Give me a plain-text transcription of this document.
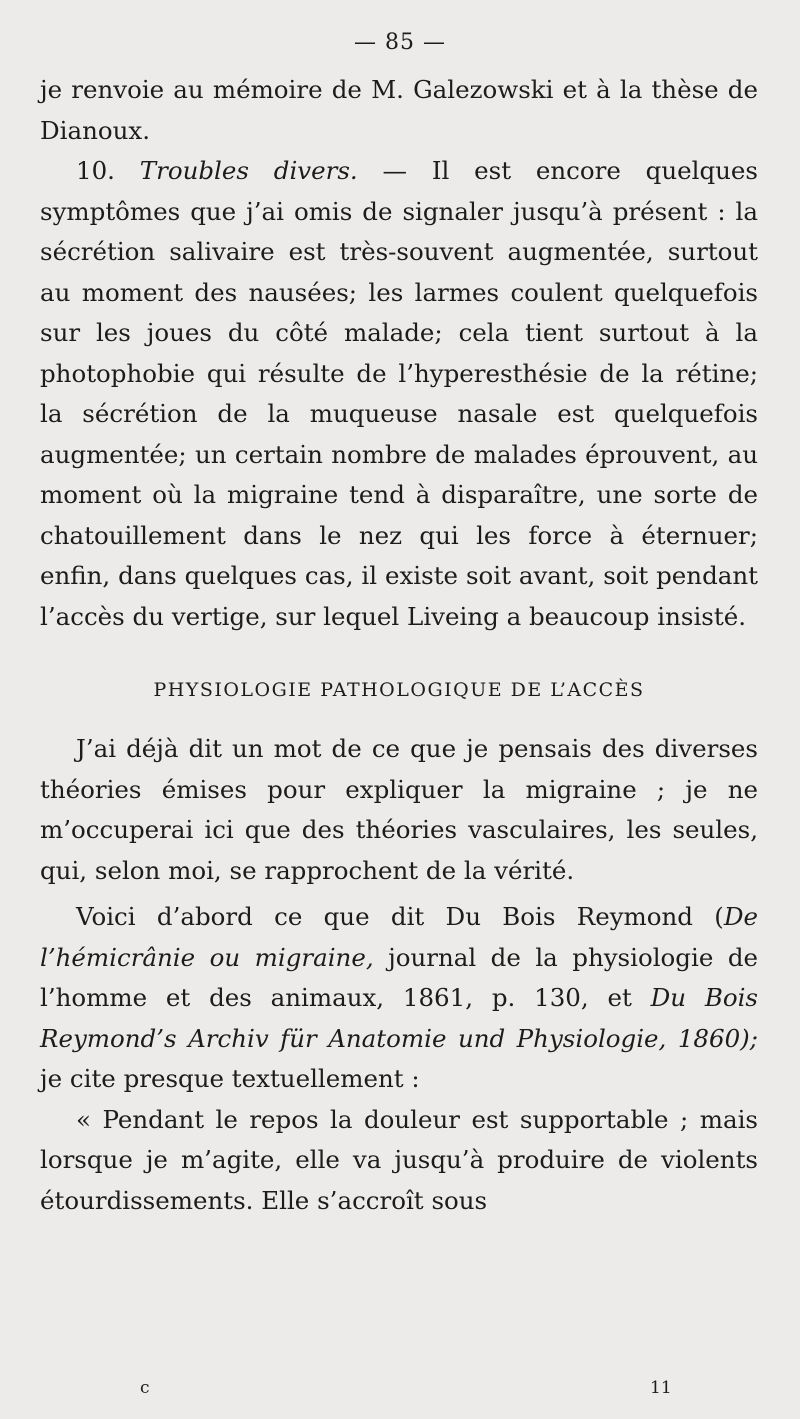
— 85 —

je renvoie au mémoire de M. Galezowski et à la thèse de Dianoux.

10. Troubles divers. — Il est encore quelques symptômes que j’ai omis de signaler jusqu’à présent : la sécrétion salivaire est très-souvent augmentée, surtout au moment des nausées; les larmes coulent quelquefois sur les joues du côté malade; cela tient surtout à la photophobie qui résulte de l’hyperesthésie de la rétine; la sécrétion de la muqueuse nasale est quelquefois augmentée; un certain nombre de malades éprouvent, au moment où la migraine tend à disparaître, une sorte de chatouillement dans le nez qui les force à éternuer; enfin, dans quelques cas, il existe soit avant, soit pendant l’accès du vertige, sur lequel Liveing a beaucoup insisté.

PHYSIOLOGIE PATHOLOGIQUE DE L’ACCÈS

J’ai déjà dit un mot de ce que je pensais des diverses théories émises pour expliquer la migraine ; je ne m’occuperai ici que des théories vasculaires, les seules, qui, selon moi, se rapprochent de la vérité.

Voici d’abord ce que dit Du Bois Reymond (De l’hémicrânie ou migraine, journal de la physiologie de l’homme et des animaux, 1861, p. 130, et Du Bois Reymond’s Archiv für Anatomie und Physiologie, 1860); je cite presque textuellement :

« Pendant le repos la douleur est supportable ; mais lorsque je m’agite, elle va jusqu’à produire de violents étourdissements. Elle s’accroît sous

c	11
